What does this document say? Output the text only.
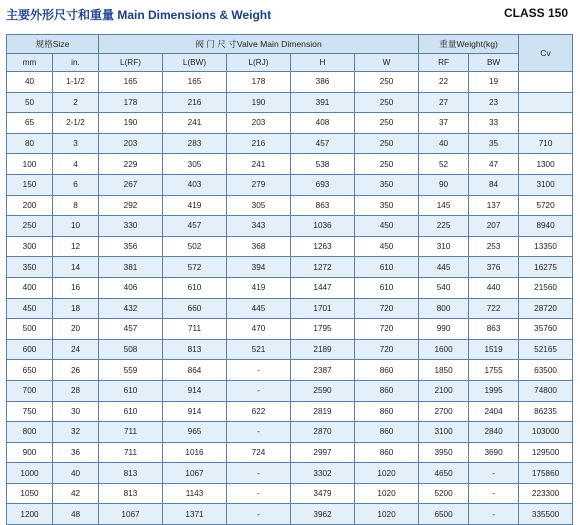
主要外形尺寸和重量 Main Dimensions & Weight	CLASS 150
规格Size		阀 门 尺 寸Valve Main Dimension					重量Weight(kg)		Cv
mm	in.	L(RF)	L(BW)	L(RJ)	H	W	RF	BW	
40	1-1/2	165	165	178	386	250	22	19	
50	2	178	216	190	391	250	27	23	
65	2-1/2	190	241	203	408	250	37	33	
80	3	203	283	216	457	250	40	35	710
100	4	229	305	241	538	250	52	47	1300
150	6	267	403	279	693	350	90	84	3100
200	8	292	419	305	863	350	145	137	5720
250	10	330	457	343	1036	450	225	207	8940
300	12	356	502	368	1263	450	310	253	13350
350	14	381	572	394	1272	610	445	376	16275
400	16	406	610	419	1447	610	540	440	21560
450	18	432	660	445	1701	720	800	722	28720
500	20	457	711	470	1795	720	990	863	35760
600	24	508	813	521	2189	720	1600	1519	52165
650	26	559	864	-	2387	860	1850	1755	63500
700	28	610	914	-	2590	860	2100	1995	74800
750	30	610	914	622	2819	860	2700	2404	86235
800	32	711	965	-	2870	860	3100	2840	103000
900	36	711	1016	724	2997	860	3950	3690	129500
1000	40	813	1067	-	3302	1020	4650	-	175860
1050	42	813	1143	-	3479	1020	5200	-	223300
1200	48	1067	1371	-	3962	1020	6500	-	335500
